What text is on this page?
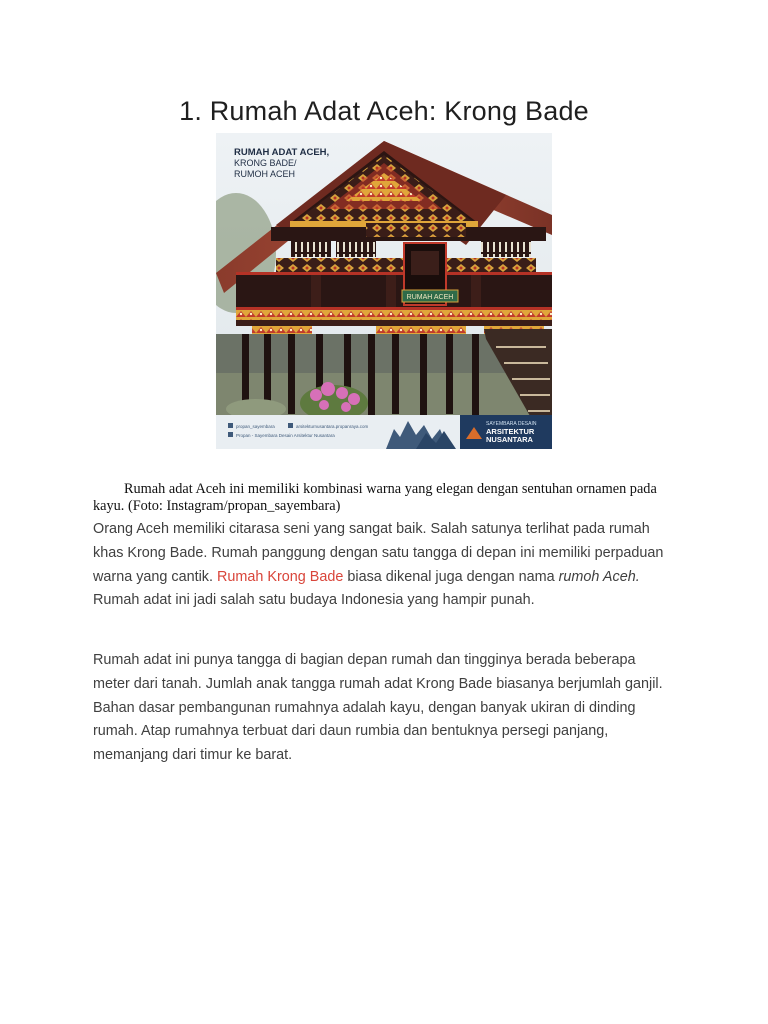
1. Rumah Adat Aceh: Krong Bade
RUMAH ACEH
RUMAH ADAT ACEH,
KRONG BADE/
RUMOH ACEH
SAYEMBARA DESAIN
ARSITEKTUR
NUSANTARA
propan_sayembara	arsitekturnusantara.propanraya.com
Propan - Sayembara Desain Arsitektur Nusantara

Rumah adat Aceh ini memiliki kombinasi warna yang elegan dengan sentuhan ornamen pada kayu. (Foto: Instagram/propan_sayembara)

Orang Aceh memiliki citarasa seni yang sangat baik. Salah satunya terlihat pada rumah khas Krong Bade. Rumah panggung dengan satu tangga di depan ini memiliki perpaduan warna yang cantik. Rumah Krong Bade biasa dikenal juga dengan nama rumoh Aceh. Rumah adat ini jadi salah satu budaya Indonesia yang hampir punah.

Rumah adat ini punya tangga di bagian depan rumah dan tingginya berada beberapa meter dari tanah. Jumlah anak tangga rumah adat Krong Bade biasanya berjumlah ganjil. Bahan dasar pembangunan rumahnya adalah kayu, dengan banyak ukiran di dinding rumah. Atap rumahnya terbuat dari daun rumbia dan bentuknya persegi panjang, memanjang dari timur ke barat.
